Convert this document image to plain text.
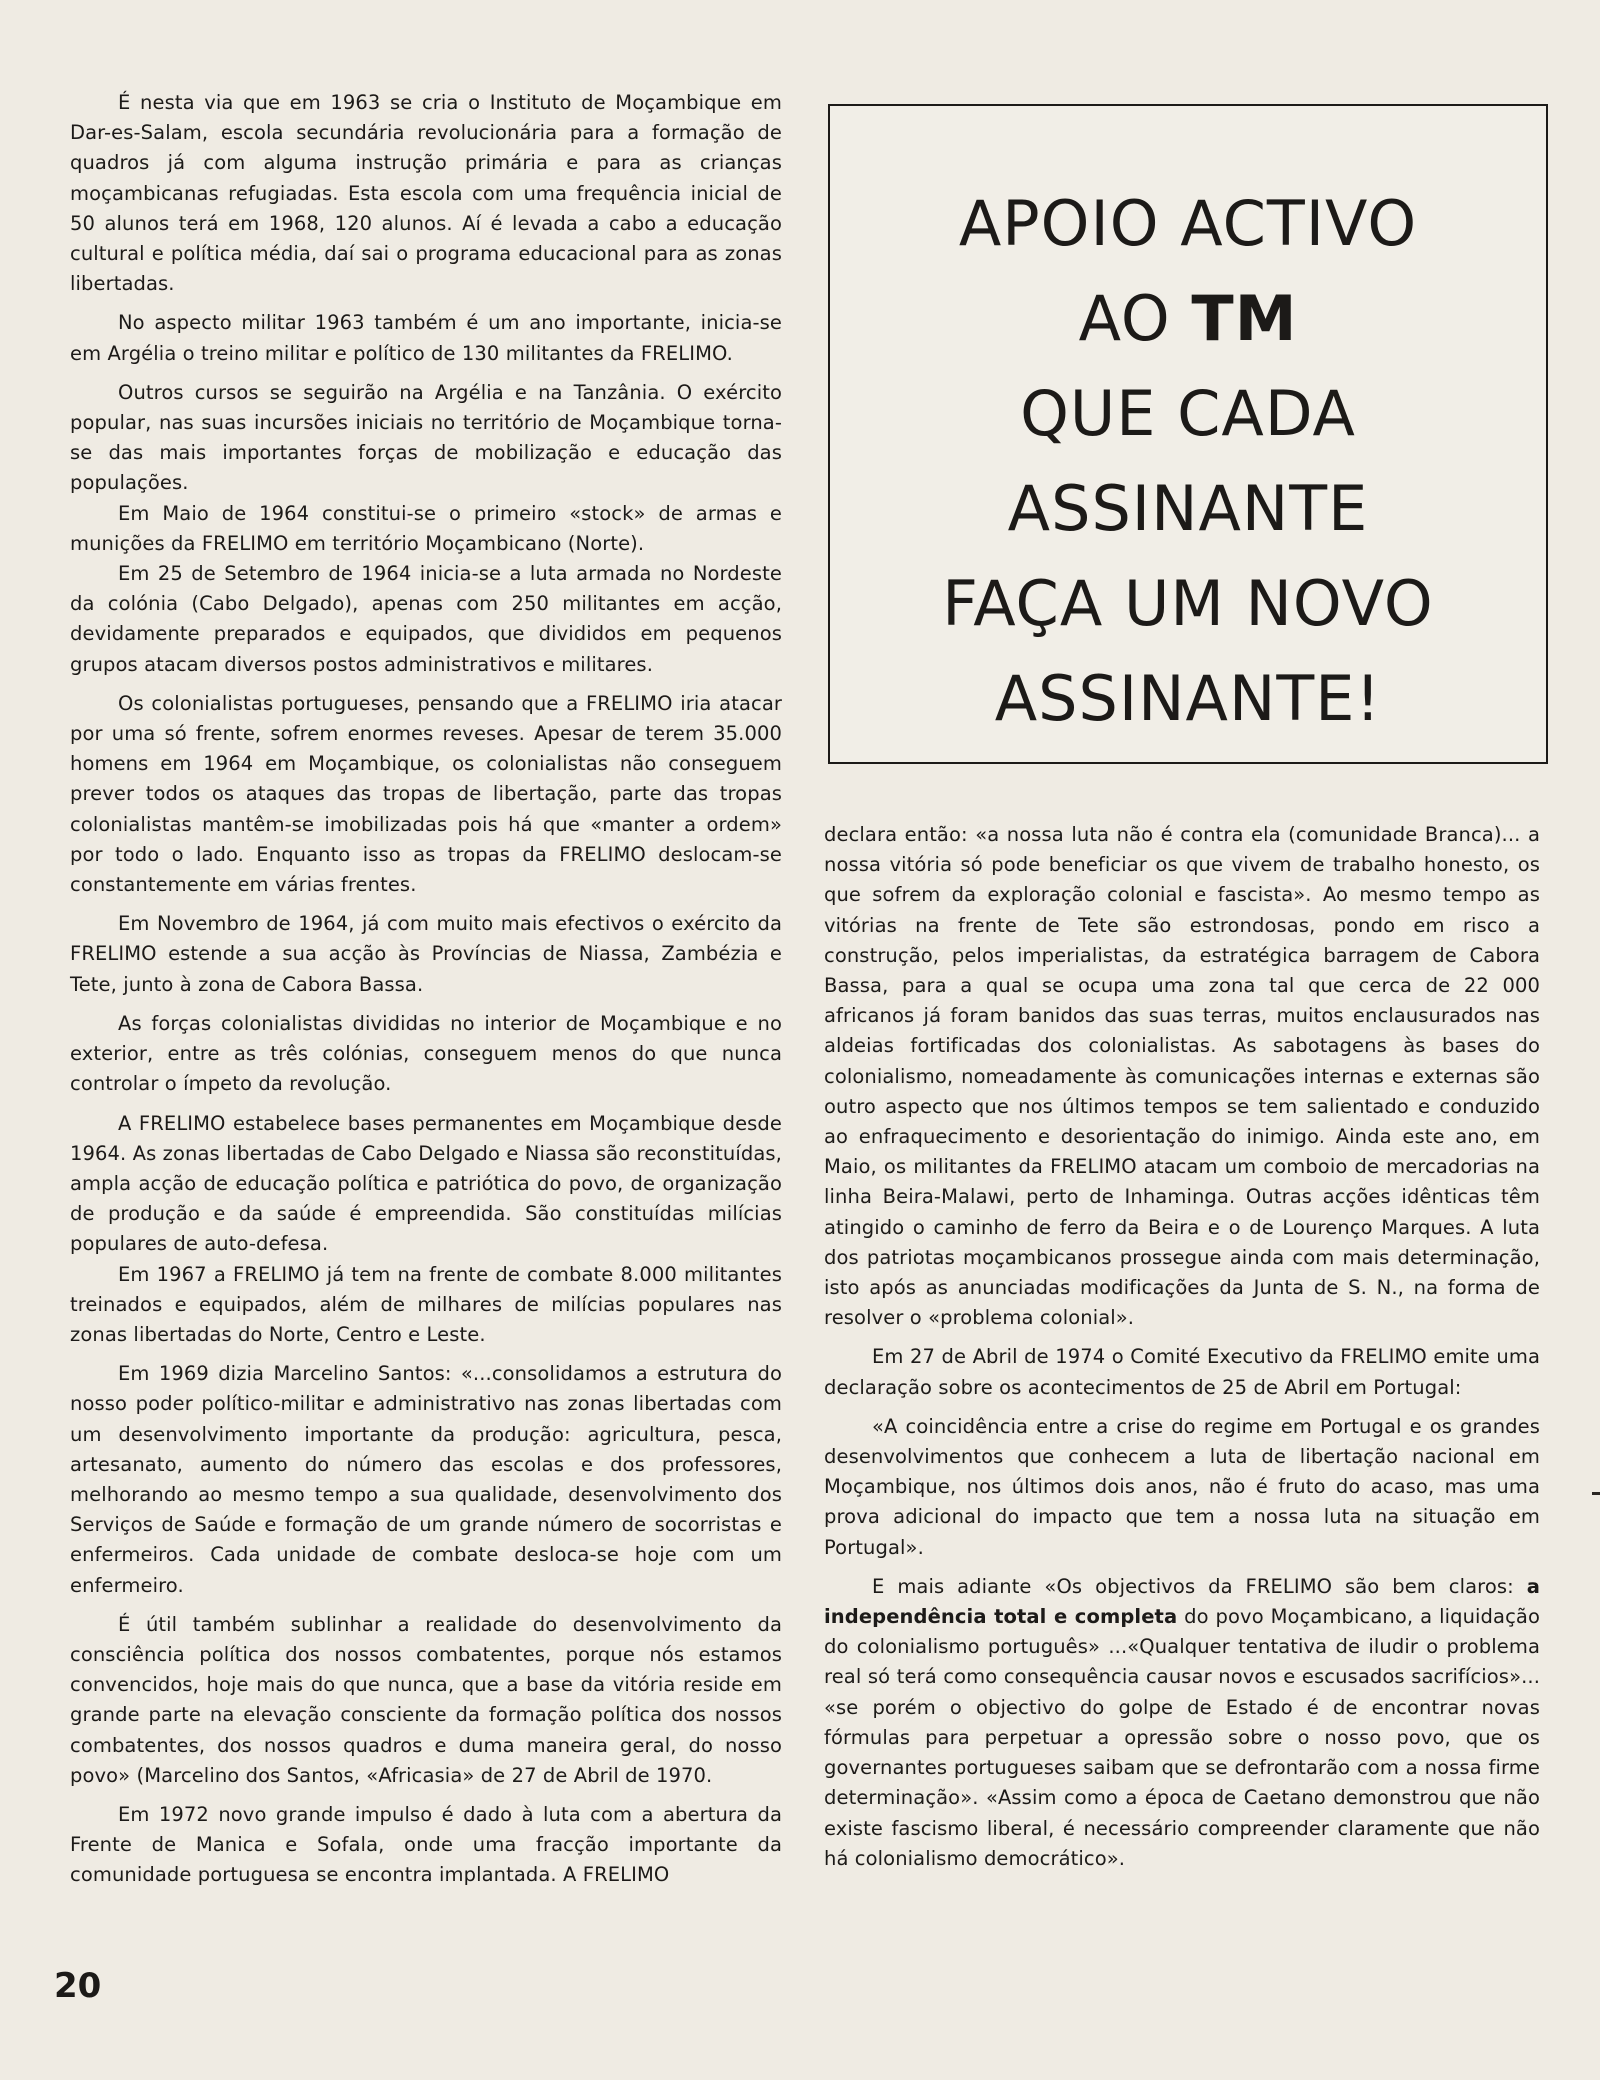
É nesta via que em 1963 se cria o Instituto de Moçambique em Dar-es-Salam, escola secundária revolucionária para a formação de quadros já com alguma instrução primária e para as crianças moçambicanas refugiadas. Esta escola com uma frequência inicial de 50 alunos terá em 1968, 120 alunos. Aí é levada a cabo a educação cultural e política média, daí sai o programa educacional para as zonas libertadas.

No aspecto militar 1963 também é um ano importante, inicia-se em Argélia o treino militar e político de 130 militantes da FRELIMO.

Outros cursos se seguirão na Argélia e na Tanzânia. O exército popular, nas suas incursões iniciais no território de Moçambique torna-se das mais importantes forças de mobilização e educação das populações.

Em Maio de 1964 constitui-se o primeiro «stock» de armas e munições da FRELIMO em território Moçambicano (Norte).

Em 25 de Setembro de 1964 inicia-se a luta armada no Nordeste da colónia (Cabo Delgado), apenas com 250 militantes em acção, devidamente preparados e equipados, que divididos em pequenos grupos atacam diversos postos administrativos e militares.

Os colonialistas portugueses, pensando que a FRELIMO iria atacar por uma só frente, sofrem enormes reveses. Apesar de terem 35.000 homens em 1964 em Moçambique, os colonialistas não conseguem prever todos os ataques das tropas de libertação, parte das tropas colonialistas mantêm-se imobilizadas pois há que «manter a ordem» por todo o lado. Enquanto isso as tropas da FRELIMO deslocam-se constantemente em várias frentes.

Em Novembro de 1964, já com muito mais efectivos o exército da FRELIMO estende a sua acção às Províncias de Niassa, Zambézia e Tete, junto à zona de Cabora Bassa.

As forças colonialistas divididas no interior de Moçambique e no exterior, entre as três colónias, conseguem menos do que nunca controlar o ímpeto da revolução.

A FRELIMO estabelece bases permanentes em Moçambique desde 1964. As zonas libertadas de Cabo Delgado e Niassa são reconstituídas, ampla acção de educação política e patriótica do povo, de organização de produção e da saúde é empreendida. São constituídas milícias populares de auto-defesa.

Em 1967 a FRELIMO já tem na frente de combate 8.000 militantes treinados e equipados, além de milhares de milícias populares nas zonas libertadas do Norte, Centro e Leste.

Em 1969 dizia Marcelino Santos: «...consolidamos a estrutura do nosso poder político-militar e administrativo nas zonas libertadas com um desenvolvimento importante da produção: agricultura, pesca, artesanato, aumento do número das escolas e dos professores, melhorando ao mesmo tempo a sua qualidade, desenvolvimento dos Serviços de Saúde e formação de um grande número de socorristas e enfermeiros. Cada unidade de combate desloca-se hoje com um enfermeiro.

É útil também sublinhar a realidade do desenvolvimento da consciência política dos nossos combatentes, porque nós estamos convencidos, hoje mais do que nunca, que a base da vitória reside em grande parte na elevação consciente da formação política dos nossos combatentes, dos nossos quadros e duma maneira geral, do nosso povo» (Marcelino dos Santos, «Africasia» de 27 de Abril de 1970.

Em 1972 novo grande impulso é dado à luta com a abertura da Frente de Manica e Sofala, onde uma fracção importante da comunidade portuguesa se encontra implantada. A FRELIMO

APOIO ACTIVO
AO TM
QUE CADA
ASSINANTE
FAÇA UM NOVO
ASSINANTE!

declara então: «a nossa luta não é contra ela (comunidade Branca)... a nossa vitória só pode beneficiar os que vivem de trabalho honesto, os que sofrem da exploração colonial e fascista». Ao mesmo tempo as vitórias na frente de Tete são estrondosas, pondo em risco a construção, pelos imperialistas, da estratégica barragem de Cabora Bassa, para a qual se ocupa uma zona tal que cerca de 22 000 africanos já foram banidos das suas terras, muitos enclausurados nas aldeias fortificadas dos colonialistas. As sabotagens às bases do colonialismo, nomeadamente às comunicações internas e externas são outro aspecto que nos últimos tempos se tem salientado e conduzido ao enfraquecimento e desorientação do inimigo. Ainda este ano, em Maio, os militantes da FRELIMO atacam um comboio de mercadorias na linha Beira-Malawi, perto de Inhaminga. Outras acções idênticas têm atingido o caminho de ferro da Beira e o de Lourenço Marques. A luta dos patriotas moçambicanos prossegue ainda com mais determinação, isto após as anunciadas modificações da Junta de S. N., na forma de resolver o «problema colonial».

Em 27 de Abril de 1974 o Comité Executivo da FRELIMO emite uma declaração sobre os acontecimentos de 25 de Abril em Portugal:

«A coincidência entre a crise do regime em Portugal e os grandes desenvolvimentos que conhecem a luta de libertação nacional em Moçambique, nos últimos dois anos, não é fruto do acaso, mas uma prova adicional do impacto que tem a nossa luta na situação em Portugal».

E mais adiante «Os objectivos da FRELIMO são bem claros: a independência total e completa do povo Moçambicano, a liquidação do colonialismo português» ...«Qualquer tentativa de iludir o problema real só terá como consequência causar novos e escusados sacrifícios»... «se porém o objectivo do golpe de Estado é de encontrar novas fórmulas para perpetuar a opressão sobre o nosso povo, que os governantes portugueses saibam que se defrontarão com a nossa firme determinação». «Assim como a época de Caetano demonstrou que não existe fascismo liberal, é necessário compreender claramente que não há colonialismo democrático».

20
